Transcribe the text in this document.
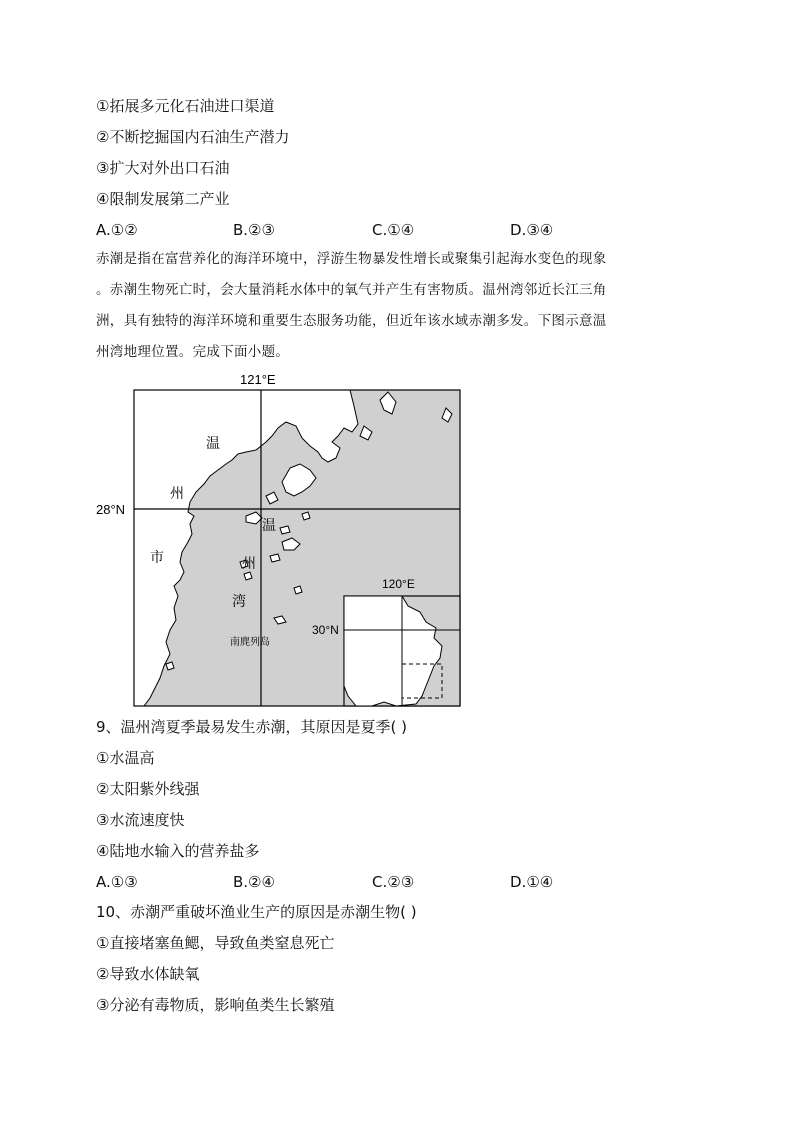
①拓展多元化石油进口渠道
②不断挖掘国内石油生产潜力
③扩大对外出口石油
④限制发展第二产业
A.①②	B.②③	C.①④	D.③④
赤潮是指在富营养化的海洋环境中，浮游生物暴发性增长或聚集引起海水变色的现象
。赤潮生物死亡时，会大量消耗水体中的氧气并产生有害物质。温州湾邻近长江三角
洲，具有独特的海洋环境和重要生态服务功能，但近年该水域赤潮多发。下图示意温
州湾地理位置。完成下面小题。
121°E
28°N
温
州
市
温
州
湾
南麂列岛
120°E
30°N
9、温州湾夏季最易发生赤潮，其原因是夏季( )
①水温高
②太阳紫外线强
③水流速度快
④陆地水输入的营养盐多
A.①③	B.②④	C.②③	D.①④
10、赤潮严重破坏渔业生产的原因是赤潮生物( )
①直接堵塞鱼鳃，导致鱼类窒息死亡
②导致水体缺氧
③分泌有毒物质，影响鱼类生长繁殖
